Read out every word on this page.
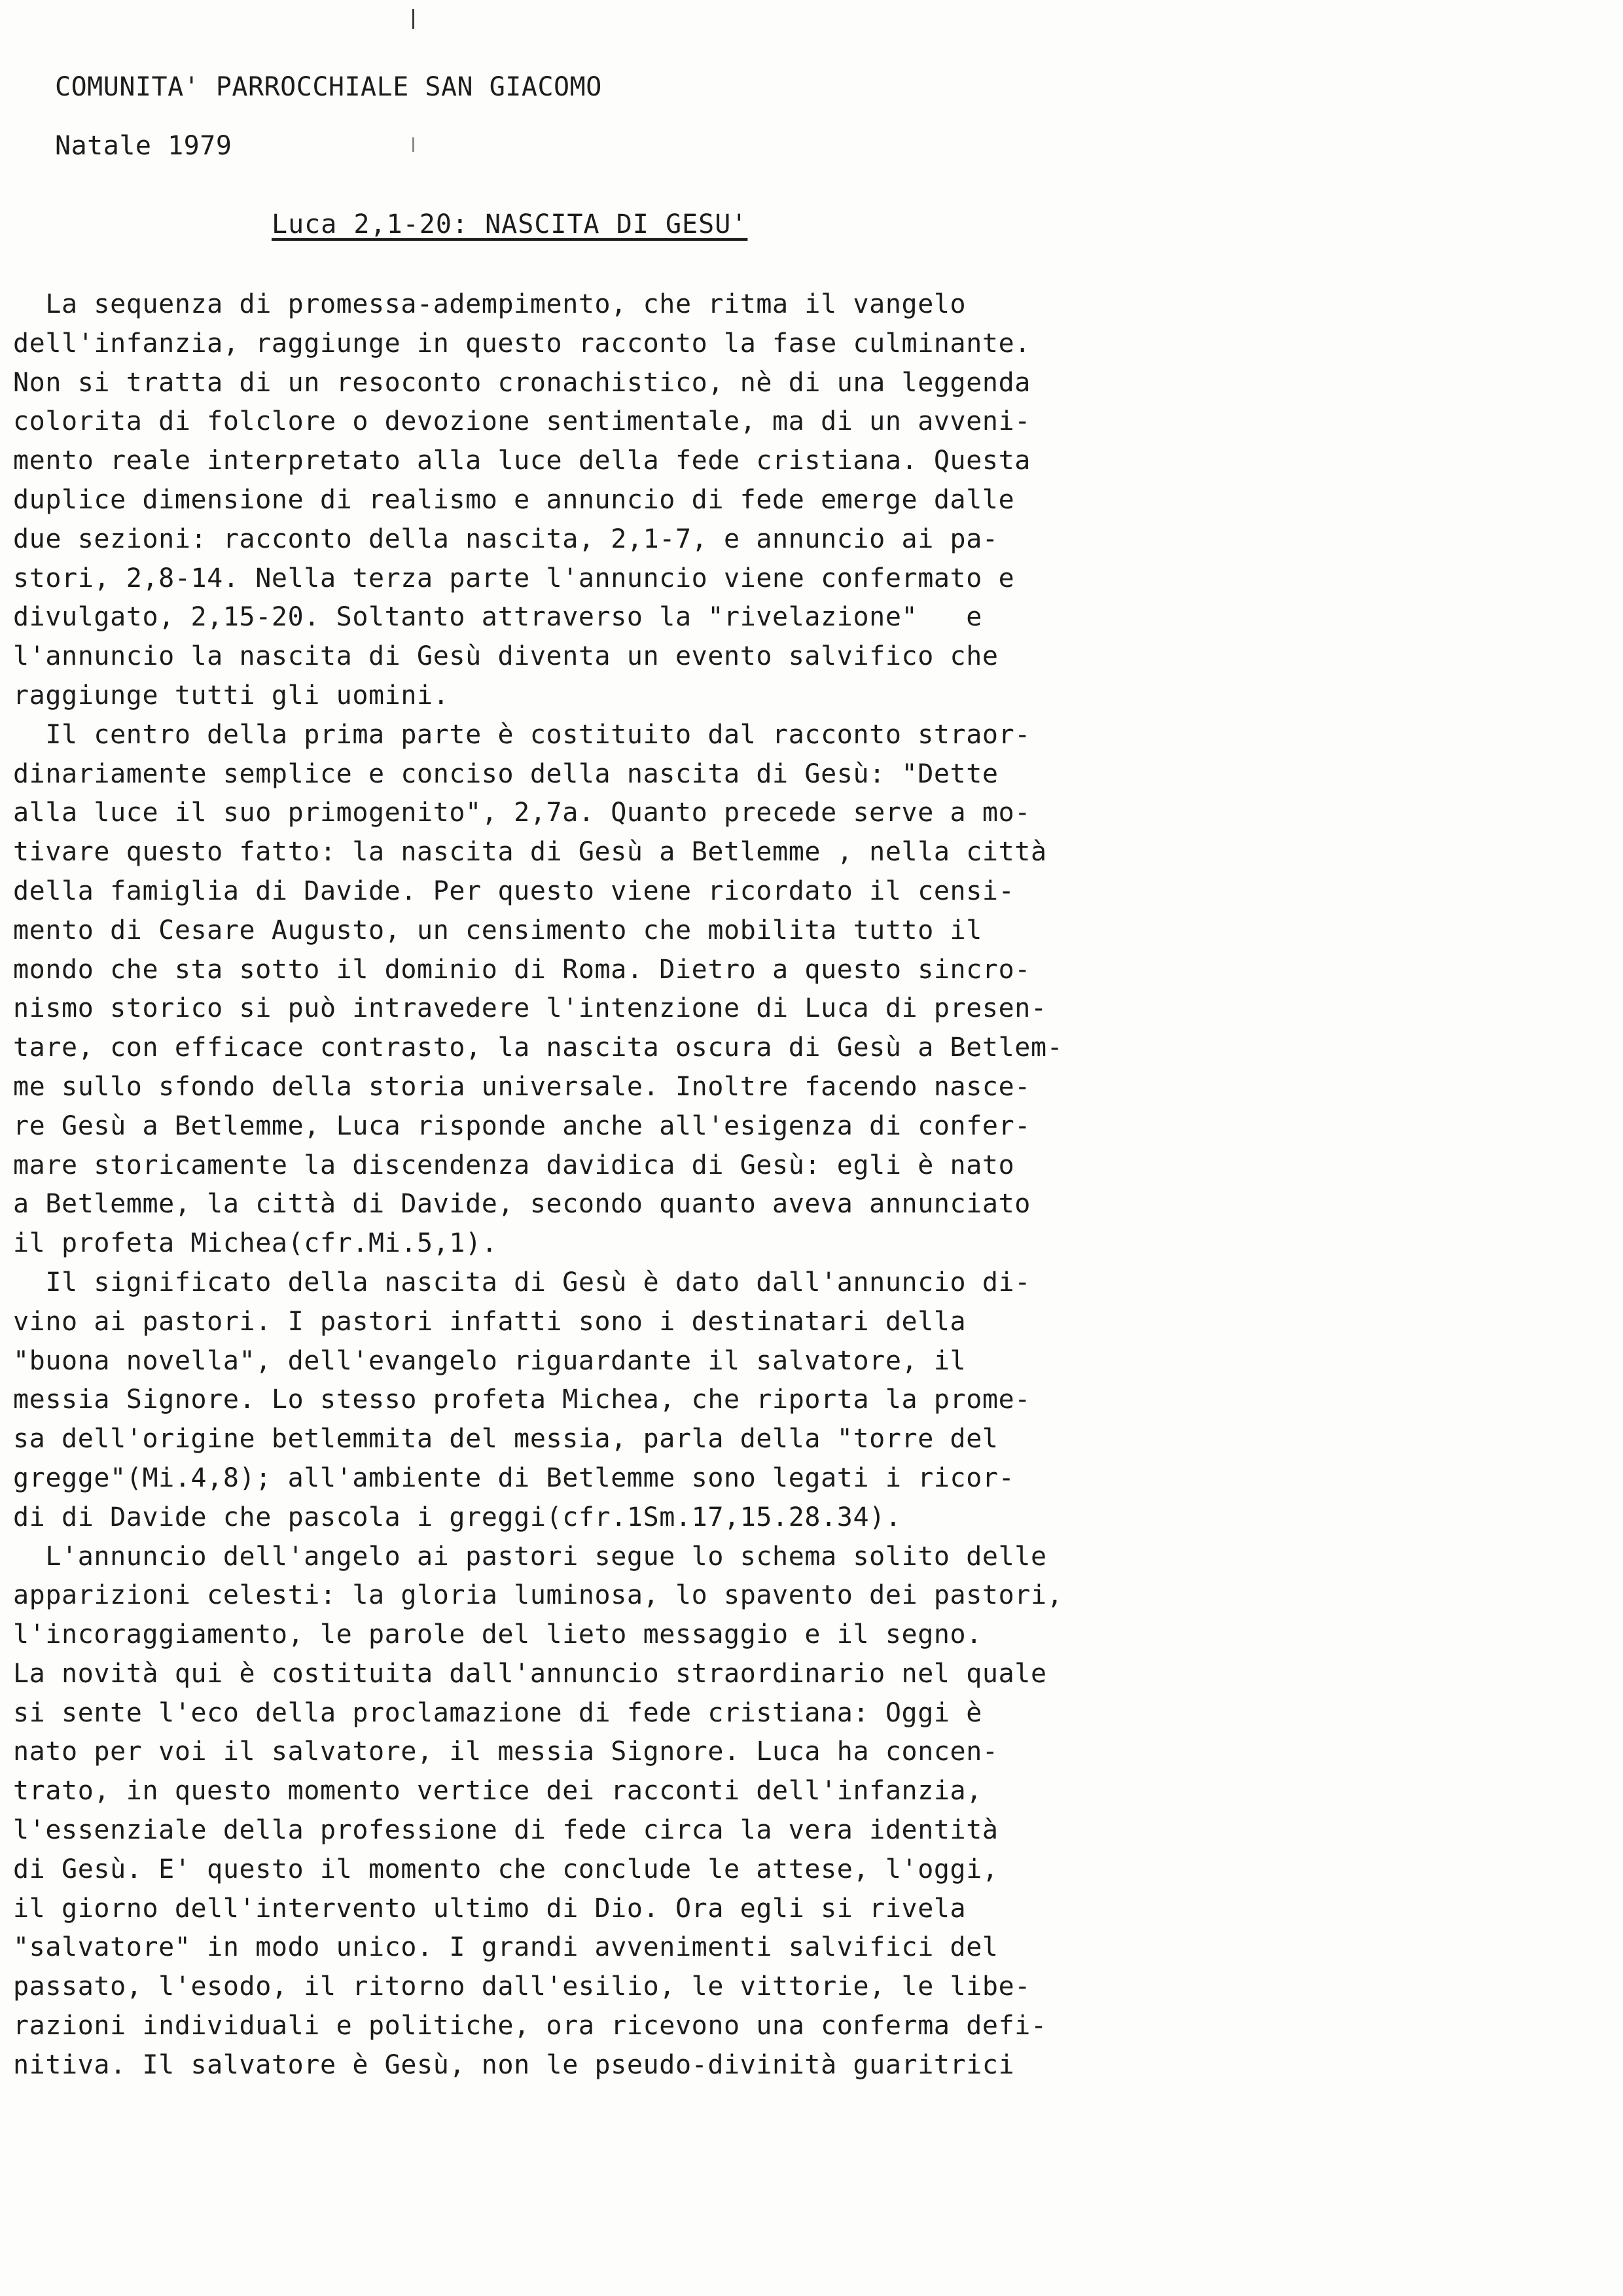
COMUNITA' PARROCCHIALE SAN GIACOMO
Natale 1979
Luca 2,1-20: NASCITA DI GESU'
La sequenza di promessa-adempimento, che ritma il vangelo
dell'infanzia, raggiunge in questo racconto la fase culminante.
Non si tratta di un resoconto cronachistico, nè di una leggenda
colorita di folclore o devozione sentimentale, ma di un avveni-
mento reale interpretato alla luce della fede cristiana. Questa
duplice dimensione di realismo e annuncio di fede emerge dalle
due sezioni: racconto della nascita, 2,1-7, e annuncio ai pa-
stori, 2,8-14. Nella terza parte l'annuncio viene confermato e
divulgato, 2,15-20. Soltanto attraverso la "rivelazione"   e
l'annuncio la nascita di Gesù diventa un evento salvifico che
raggiunge tutti gli uomini.
Il centro della prima parte è costituito dal racconto straor-
dinariamente semplice e conciso della nascita di Gesù: "Dette
alla luce il suo primogenito", 2,7a. Quanto precede serve a mo-
tivare questo fatto: la nascita di Gesù a Betlemme , nella città
della famiglia di Davide. Per questo viene ricordato il censi-
mento di Cesare Augusto, un censimento che mobilita tutto il
mondo che sta sotto il dominio di Roma. Dietro a questo sincro-
nismo storico si può intravedere l'intenzione di Luca di presen-
tare, con efficace contrasto, la nascita oscura di Gesù a Betlem-
me sullo sfondo della storia universale. Inoltre facendo nasce-
re Gesù a Betlemme, Luca risponde anche all'esigenza di confer-
mare storicamente la discendenza davidica di Gesù: egli è nato
a Betlemme, la città di Davide, secondo quanto aveva annunciato
il profeta Michea(cfr.Mi.5,1).
Il significato della nascita di Gesù è dato dall'annuncio di-
vino ai pastori. I pastori infatti sono i destinatari della
"buona novella", dell'evangelo riguardante il salvatore, il
messia Signore. Lo stesso profeta Michea, che riporta la prome-
sa dell'origine betlemmita del messia, parla della "torre del
gregge"(Mi.4,8); all'ambiente di Betlemme sono legati i ricor-
di di Davide che pascola i greggi(cfr.1Sm.17,15.28.34).
L'annuncio dell'angelo ai pastori segue lo schema solito delle
apparizioni celesti: la gloria luminosa, lo spavento dei pastori,
l'incoraggiamento, le parole del lieto messaggio e il segno.
La novità qui è costituita dall'annuncio straordinario nel quale
si sente l'eco della proclamazione di fede cristiana: Oggi è
nato per voi il salvatore, il messia Signore. Luca ha concen-
trato, in questo momento vertice dei racconti dell'infanzia,
l'essenziale della professione di fede circa la vera identità
di Gesù. E' questo il momento che conclude le attese, l'oggi,
il giorno dell'intervento ultimo di Dio. Ora egli si rivela
"salvatore" in modo unico. I grandi avvenimenti salvifici del
passato, l'esodo, il ritorno dall'esilio, le vittorie, le libe-
razioni individuali e politiche, ora ricevono una conferma defi-
nitiva. Il salvatore è Gesù, non le pseudo-divinità guaritrici
